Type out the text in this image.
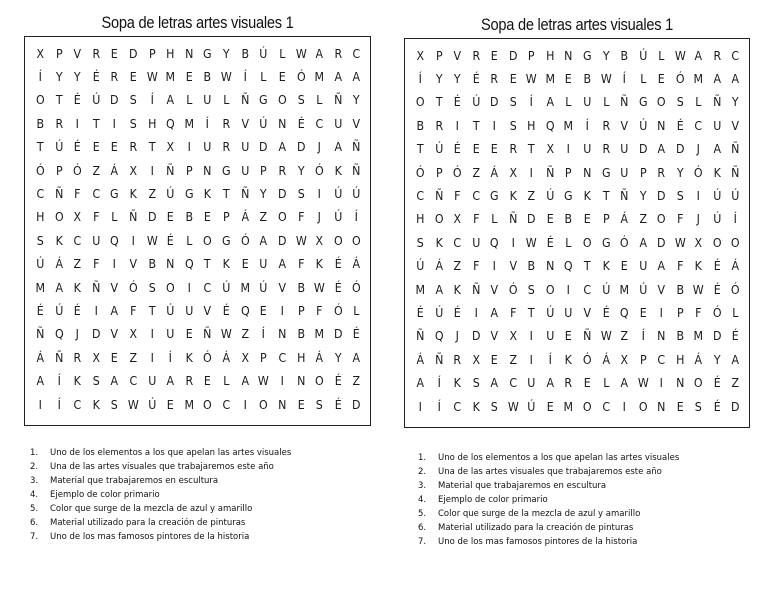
Sopa de letras artes visuales 1
X P V R E D P H N G Y B Ú L W A R C
Í	Y Y É R E W M E B W Í	L	E Ó M A A
O T É Ú D S	Í	A L U L Ñ G O S	L Ñ Y
B R	I	T	I	S H Q M	Í	R V Ú N É C U V
T Ú É E E R T X	I	U R U D A D	J	A Ñ
Ó P Ó Z Á X	I	Ñ P N G U P R Y Ó K Ñ
C Ñ F C G K Z Ú G K T Ñ Y D S	I	Ú Ú
H O X F	L Ñ D E B E P Á Z O F	J	Ú	Í
S K C U Q	I W É	L O G Ó A D W X O O
Ú Á Z F	I	V B N Q T K E U A F K É Á
M A K Ñ V Ó S O	I	C Ú M Ú V B W É Ó
É Ú É	I	A F	T Ú U V É Q E	I	P	F Ó L
Ñ Q	J	D V X	I	U E Ñ W Z	Í	N B M D É
Á Ñ R X E Z	I	Í	K Ó Á X P C H Á Y A
A	Í	K S A C U A R E	L A W I	N O É Z
I	Í	C K S W Ú E M O C	I	O N E S É D
Sopa de letras artes visuales 1
X P V R E D P H N G Y B Ú L W A R C
Í	Y Y É R E W M E B W Í	L E Ó M A A
O T É Ú D S	Í	A L U L Ñ G O S L Ñ Y
B R	I	T	I	S H Q M	Í	R V Ú N É C U V
T Ú É E E R T X	I	U R U D A D	J	A Ñ
Ó P Ó Z Á X	I	Ñ P N G U P R Y Ó K Ñ
C Ñ F C G K Z Ú G K T Ñ Y D S	I	Ú Ú
H O X F	L Ñ D E B E P Á Z O F	J	Ú	Í
S K C U Q	I W É L O G Ó A D W X O O
Ú Á Z F	I	V B N Q T K E U A F K É Á
M A K Ñ V Ó S O	I	C Ú M Ú V B W É Ó
É Ú É	I	A F T Ú U V É Q E	I	P	F Ó L
Ñ Q	J	D V X	I	U E Ñ W Z	Í	N B M D É
Á Ñ R X E Z	I	Í	K Ó Á X P C H Á Y A
A	Í	K S A C U A R E L A W I	N O É Z
I	Í	C K S W Ú E M O C	I	O N E S É D
1. Uno de los elementos a los que apelan las artes visuales
2. Una de las artes visuales que trabajaremos este año
3. Material que trabajaremos en escultura
4. Ejemplo de color primario
5. Color que surge de la mezcla de azul y amarillo
6. Material utilizado para la creación de pinturas
7. Uno de los mas famosos pintores de la historia
1. Uno de los elementos a los que apelan las artes visuales
2. Una de las artes visuales que trabajaremos este año
3. Material que trabajaremos en escultura
4. Ejemplo de color primario
5. Color que surge de la mezcla de azul y amarillo
6. Material utilizado para la creación de pinturas
7. Uno de los mas famosos pintores de la historia
